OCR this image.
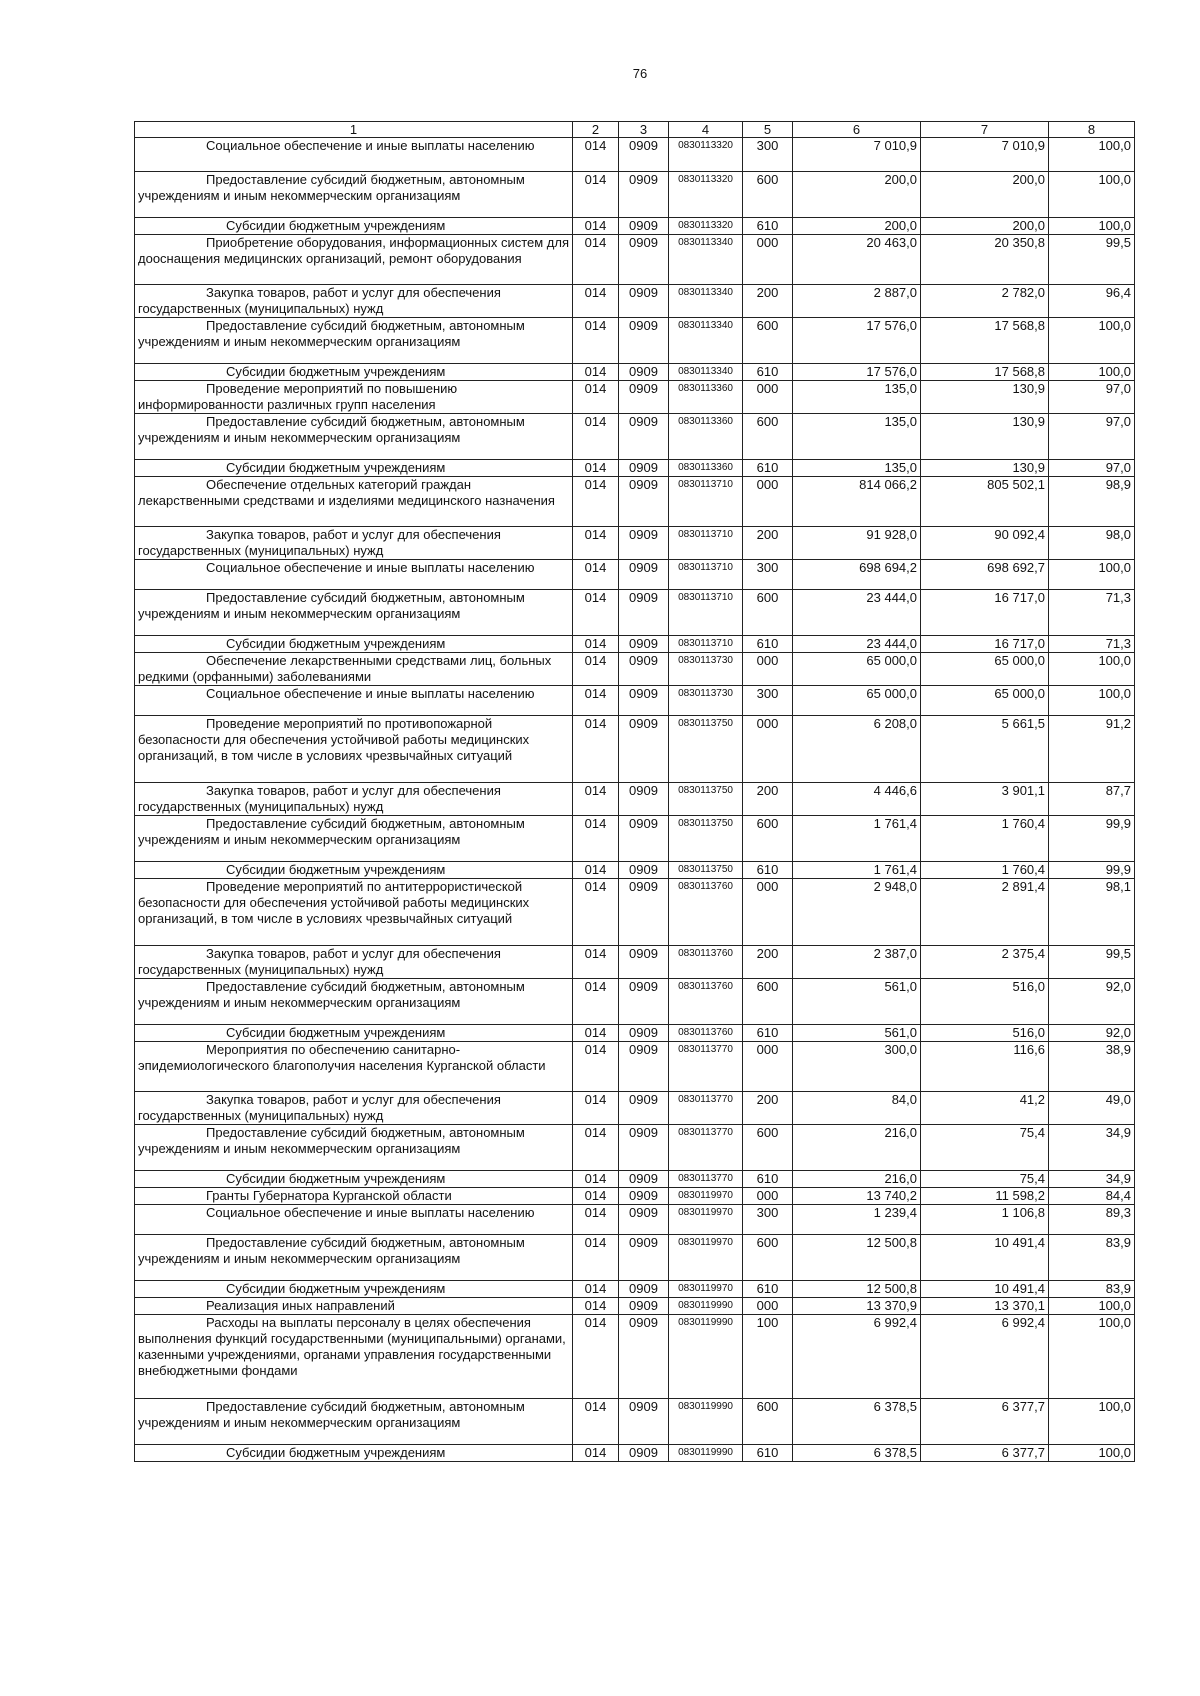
76
1	2	3	4	5	6	7	8
Социальное обеспечение и иные выплаты населению	014	0909	0830113320	300	7 010,9	7 010,9	100,0
Предоставление субсидий бюджетным, автономным учреждениям и иным некоммерческим организациям	014	0909	0830113320	600	200,0	200,0	100,0
Субсидии бюджетным учреждениям	014	0909	0830113320	610	200,0	200,0	100,0
Приобретение оборудования, информационных систем для дооснащения медицинских организаций, ремонт оборудования	014	0909	0830113340	000	20 463,0	20 350,8	99,5
Закупка товаров, работ и услуг для обеспечения государственных (муниципальных) нужд	014	0909	0830113340	200	2 887,0	2 782,0	96,4
Предоставление субсидий бюджетным, автономным учреждениям и иным некоммерческим организациям	014	0909	0830113340	600	17 576,0	17 568,8	100,0
Субсидии бюджетным учреждениям	014	0909	0830113340	610	17 576,0	17 568,8	100,0
Проведение мероприятий по повышению информированности различных групп населения	014	0909	0830113360	000	135,0	130,9	97,0
Предоставление субсидий бюджетным, автономным учреждениям и иным некоммерческим организациям	014	0909	0830113360	600	135,0	130,9	97,0
Субсидии бюджетным учреждениям	014	0909	0830113360	610	135,0	130,9	97,0
Обеспечение отдельных категорий граждан лекарственными средствами и изделиями медицинского назначения	014	0909	0830113710	000	814 066,2	805 502,1	98,9
Закупка товаров, работ и услуг для обеспечения государственных (муниципальных) нужд	014	0909	0830113710	200	91 928,0	90 092,4	98,0
Социальное обеспечение и иные выплаты населению	014	0909	0830113710	300	698 694,2	698 692,7	100,0
Предоставление субсидий бюджетным, автономным учреждениям и иным некоммерческим организациям	014	0909	0830113710	600	23 444,0	16 717,0	71,3
Субсидии бюджетным учреждениям	014	0909	0830113710	610	23 444,0	16 717,0	71,3
Обеспечение лекарственными средствами лиц, больных редкими (орфанными) заболеваниями	014	0909	0830113730	000	65 000,0	65 000,0	100,0
Социальное обеспечение и иные выплаты населению	014	0909	0830113730	300	65 000,0	65 000,0	100,0
Проведение мероприятий по противопожарной безопасности для обеспечения устойчивой работы медицинских организаций, в том числе в условиях чрезвычайных ситуаций	014	0909	0830113750	000	6 208,0	5 661,5	91,2
Закупка товаров, работ и услуг для обеспечения государственных (муниципальных) нужд	014	0909	0830113750	200	4 446,6	3 901,1	87,7
Предоставление субсидий бюджетным, автономным учреждениям и иным некоммерческим организациям	014	0909	0830113750	600	1 761,4	1 760,4	99,9
Субсидии бюджетным учреждениям	014	0909	0830113750	610	1 761,4	1 760,4	99,9
Проведение мероприятий по антитеррористической безопасности для обеспечения устойчивой работы медицинских организаций, в том числе в условиях чрезвычайных ситуаций	014	0909	0830113760	000	2 948,0	2 891,4	98,1
Закупка товаров, работ и услуг для обеспечения государственных (муниципальных) нужд	014	0909	0830113760	200	2 387,0	2 375,4	99,5
Предоставление субсидий бюджетным, автономным учреждениям и иным некоммерческим организациям	014	0909	0830113760	600	561,0	516,0	92,0
Субсидии бюджетным учреждениям	014	0909	0830113760	610	561,0	516,0	92,0
Мероприятия по обеспечению санитарно-эпидемиологического благополучия населения Курганской области	014	0909	0830113770	000	300,0	116,6	38,9
Закупка товаров, работ и услуг для обеспечения государственных (муниципальных) нужд	014	0909	0830113770	200	84,0	41,2	49,0
Предоставление субсидий бюджетным, автономным учреждениям и иным некоммерческим организациям	014	0909	0830113770	600	216,0	75,4	34,9
Субсидии бюджетным учреждениям	014	0909	0830113770	610	216,0	75,4	34,9
Гранты Губернатора Курганской области	014	0909	0830119970	000	13 740,2	11 598,2	84,4
Социальное обеспечение и иные выплаты населению	014	0909	0830119970	300	1 239,4	1 106,8	89,3
Предоставление субсидий бюджетным, автономным учреждениям и иным некоммерческим организациям	014	0909	0830119970	600	12 500,8	10 491,4	83,9
Субсидии бюджетным учреждениям	014	0909	0830119970	610	12 500,8	10 491,4	83,9
Реализация иных направлений	014	0909	0830119990	000	13 370,9	13 370,1	100,0
Расходы на выплаты персоналу в целях обеспечения выполнения функций государственными (муниципальными) органами, казенными учреждениями, органами управления государственными внебюджетными фондами	014	0909	0830119990	100	6 992,4	6 992,4	100,0
Предоставление субсидий бюджетным, автономным учреждениям и иным некоммерческим организациям	014	0909	0830119990	600	6 378,5	6 377,7	100,0
Субсидии бюджетным учреждениям	014	0909	0830119990	610	6 378,5	6 377,7	100,0
